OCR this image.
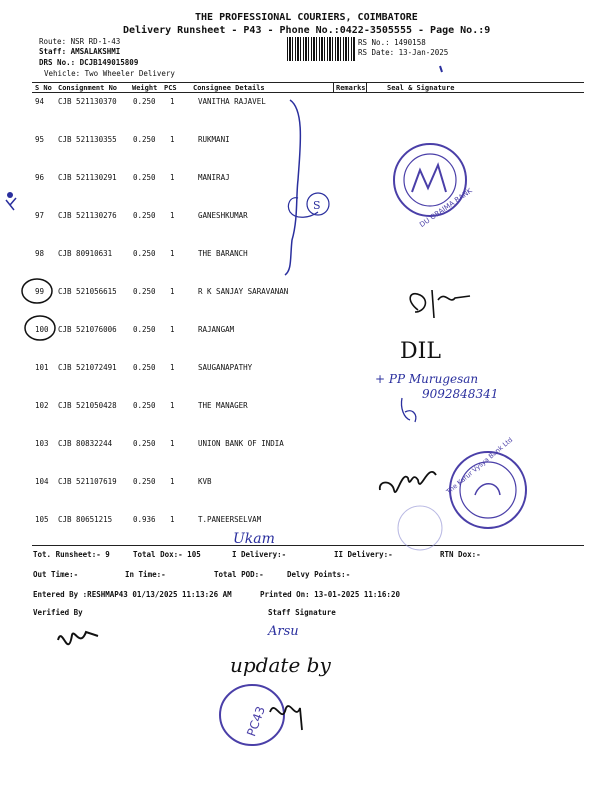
THE PROFESSIONAL COURIERS, COIMBATORE
Delivery Runsheet - P43 - Phone No.:0422-3505555 - Page No.:9
Route: NSR RD-1-43
Staff: AMSALAKSHMI
DRS No.: DCJB149015809
Vehicle: Two Wheeler Delivery
RS No.: 1490158
RS Date: 13-Jan-2025
S No Consignment No Weight PCS Consignee Details	Remarks	Seal & Signature
94 CJB 521130370 0.250 1	VANITHA RAJAVEL
95 CJB 521130355 0.250 1	RUKMANI
96 CJB 521130291 0.250 1	MANIRAJ
97 CJB 521130276 0.250 1	GANESHKUMAR
98 CJB 80910631	0.250 1	THE BARANCH
99 CJB 521056615 0.250 1	R K SANJAY SARAVANAN
100 CJB 521076006 0.250 1	RAJANGAM
101 CJB 521072491 0.250 1	SAUGANAPATHY
102 CJB 521050428 0.250 1	THE MANAGER
103 CJB 80832244	0.250 1	UNION BANK OF INDIA
104 CJB 521107619 0.250 1	KVB
105 CJB 80651215	0.936 1	T.PANEERSELVAM
Tot. Runsheet:- 9	Total Dox:- 105	I Delivery:-	II Delivery:-	RTN Dox:-
Out Time:-	In Time:-	Total POD:-	Delvy Points:-
Entered By :RESHMAP43 01/13/2025 11:13:26 AM	Printed On: 13-01-2025 11:16:20
Verified By	Staff Signature
S	DU ORAIMA BANK
DIL
+ PP Murugesan
9092848341
The Karur Vysya Bank Ltd
Ukam
Arsu
update by
PC43
